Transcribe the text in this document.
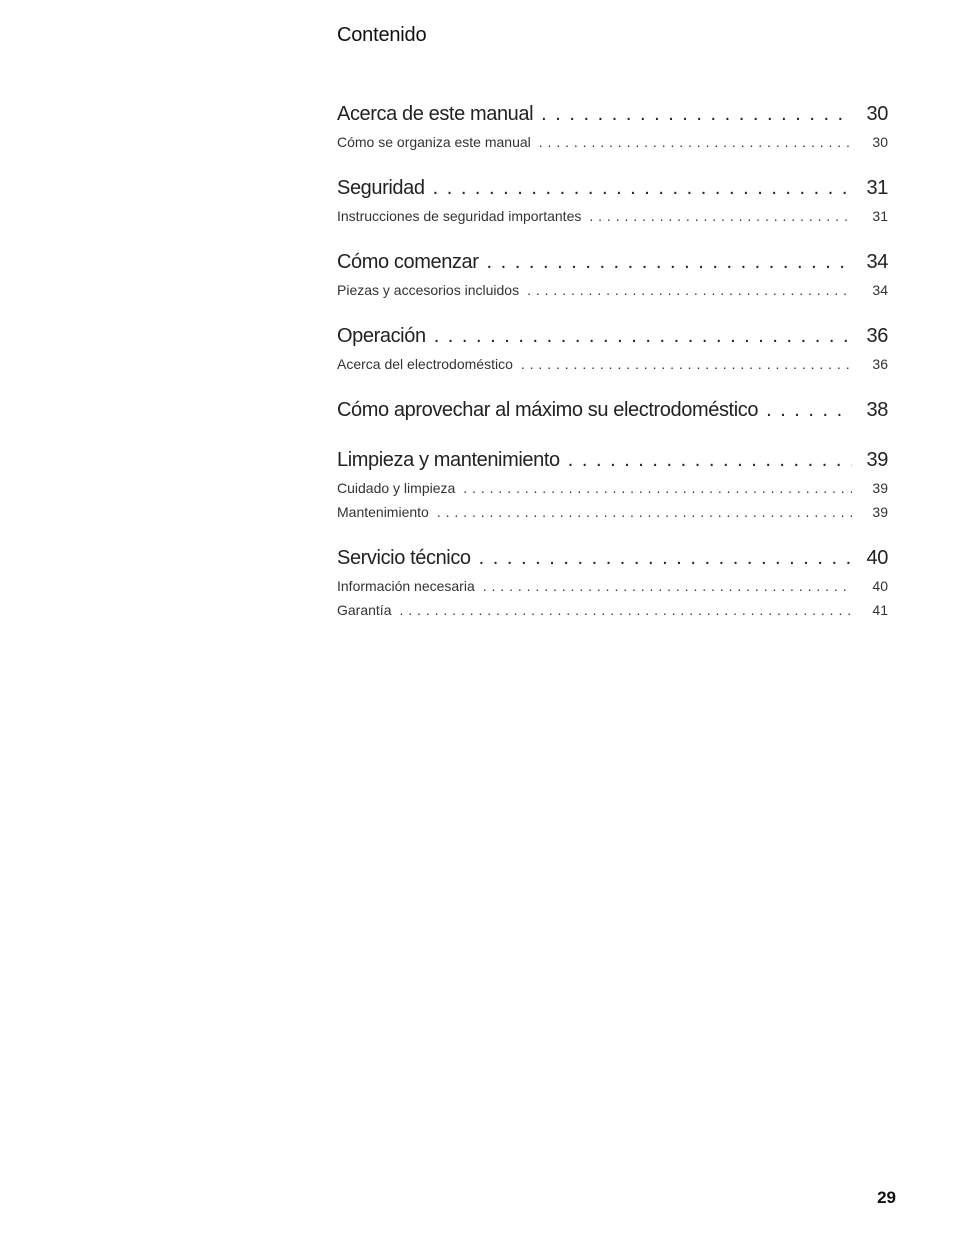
Contenido
Acerca de este manual . . .	30
Cómo se organiza este manual . . .	30
Seguridad . . .	31
Instrucciones de seguridad importantes . . .	31
Cómo comenzar . . .	34
Piezas y accesorios incluidos . . .	34
Operación . . .	36
Acerca del electrodoméstico . . .	36
Cómo aprovechar al máximo su electrodoméstico . . .	38
Limpieza y mantenimiento . . .	39
Cuidado y limpieza . . .	39
Mantenimiento . . .	39
Servicio técnico . . .	40
Información necesaria . . .	40
Garantía . . .	41
29
